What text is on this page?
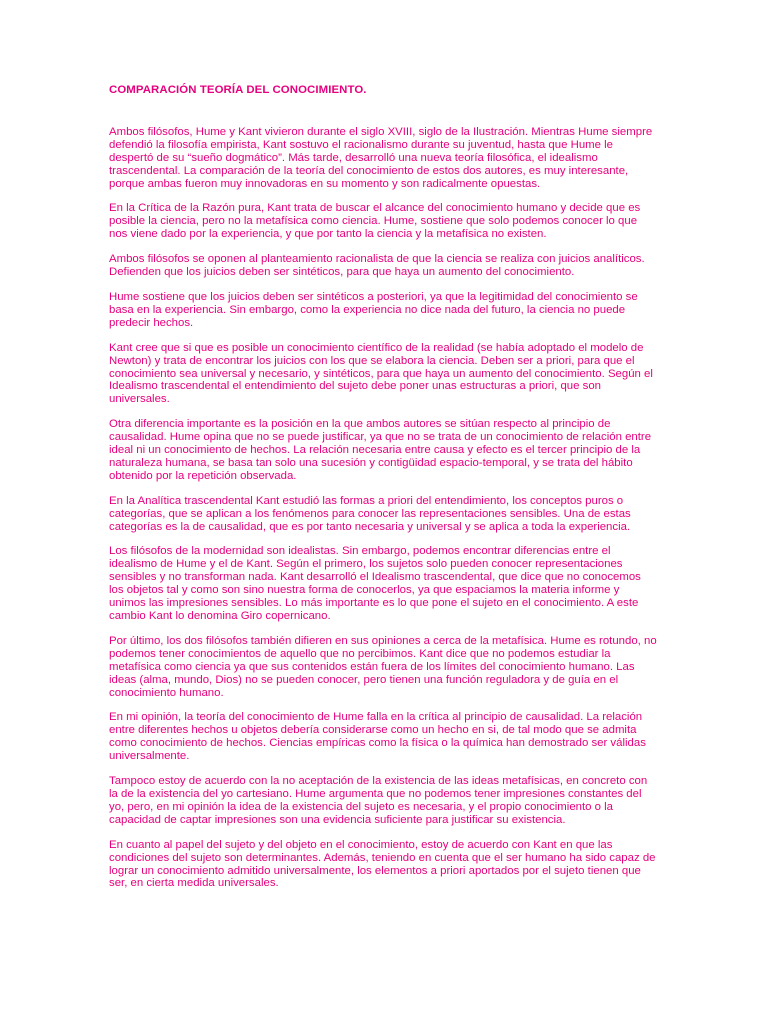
COMPARACIÓN TEORÍA DEL CONOCIMIENTO.

Ambos filósofos, Hume y Kant vivieron durante el siglo XVIII, siglo de la Ilustración. Mientras Hume siempre defendió la filosofía empirista, Kant sostuvo el racionalismo durante su juventud, hasta que Hume le despertó de su “sueño dogmático”. Más tarde, desarrolló una nueva teoría filosófica, el idealismo trascendental. La comparación de la teoría del conocimiento de estos dos autores, es muy interesante, porque ambas fueron muy innovadoras en su momento y son radicalmente opuestas.

En la Crítica de la Razón pura, Kant trata de buscar el alcance del conocimiento humano y decide que es posible la ciencia, pero no la metafísica como ciencia. Hume, sostiene que solo podemos conocer lo que nos viene dado por la experiencia, y que por tanto la ciencia y la metafísica no existen.

Ambos filósofos se oponen al planteamiento racionalista de que la ciencia se realiza con juicios analíticos. Defienden que los juicios deben ser sintéticos, para que haya un aumento del conocimiento.

Hume sostiene que los juicios deben ser sintéticos a posteriori, ya que la legitimidad del conocimiento se basa en la experiencia. Sin embargo, como la experiencia no dice nada del futuro, la ciencia no puede predecir hechos.

Kant cree que si que es posible un conocimiento científico de la realidad (se había adoptado el modelo de Newton) y trata de encontrar los juicios con los que se elabora la ciencia. Deben ser a priori, para que el conocimiento sea universal y necesario, y sintéticos, para que haya un aumento del conocimiento. Según el Idealismo trascendental el entendimiento del sujeto debe poner unas estructuras a priori, que son universales.

Otra diferencia importante es la posición en la que ambos autores se sitúan respecto al principio de causalidad. Hume opina que no se puede justificar, ya que no se trata de un conocimiento de relación entre ideal ni un conocimiento de hechos. La relación necesaria entre causa y efecto es el tercer principio de la naturaleza humana, se basa tan solo una sucesión y contigüidad espacio-temporal, y se trata del hábito obtenido por la repetición observada.

En la Analítica trascendental Kant estudió las formas a priori del entendimiento, los conceptos puros o categorías, que se aplican a los fenómenos para conocer las representaciones sensibles. Una de estas categorías es la de causalidad, que es por tanto necesaria y universal y se aplica a toda la experiencia.

Los filósofos de la modernidad son idealistas. Sin embargo, podemos encontrar diferencias entre el idealismo de Hume y el de Kant. Según el primero, los sujetos solo pueden conocer representaciones sensibles y no transforman nada. Kant desarrolló el Idealismo trascendental, que dice que no conocemos los objetos tal y como son sino nuestra forma de conocerlos, ya que espaciamos la materia informe y unimos las impresiones sensibles. Lo más importante es lo que pone el sujeto en el conocimiento. A este cambio Kant lo denomina Giro copernicano.

Por último, los dos filósofos también difieren en sus opiniones a cerca de la metafísica. Hume es rotundo, no podemos tener conocimientos de aquello que no percibimos. Kant dice que no podemos estudiar la metafísica como ciencia ya que sus contenidos están fuera de los límites del conocimiento humano. Las ideas (alma, mundo, Dios) no se pueden conocer, pero tienen una función reguladora y de guía en el conocimiento humano.

En mi opinión, la teoría del conocimiento de Hume falla en la crítica al principio de causalidad. La relación entre diferentes hechos u objetos debería considerarse como un hecho en si, de tal modo que se admita como conocimiento de hechos. Ciencias empíricas como la física o la química han demostrado ser válidas universalmente.

Tampoco estoy de acuerdo con la no aceptación de la existencia de las ideas metafísicas, en concreto con la de la existencia del yo cartesiano. Hume argumenta que no podemos tener impresiones constantes del yo, pero, en mi opinión la idea de la existencia del sujeto es necesaria, y el propio conocimiento o la capacidad de captar impresiones son una evidencia suficiente para justificar su existencia.

En cuanto al papel del sujeto y del objeto en el conocimiento, estoy de acuerdo con Kant en que las condiciones del sujeto son determinantes. Además, teniendo en cuenta que el ser humano ha sido capaz de lograr un conocimiento admitido universalmente, los elementos a priori aportados por el sujeto tienen que ser, en cierta medida universales.
